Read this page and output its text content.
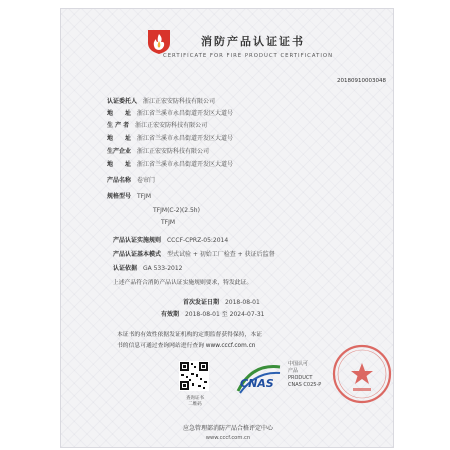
消防产品认证证书
CERTIFICATE FOR FIRE PRODUCT CERTIFICATION
20180910003048
认证委托人 浙江正宏安防科技有限公司
地　　址 浙江省兰溪市永昌街道开发区大道号
生 产 者 浙江正宏安防科技有限公司
地　　址 浙江省兰溪市永昌街道开发区大道号
生产企业 浙江正宏安防科技有限公司
地　　址 浙江省兰溪市永昌街道开发区大道号
产品名称 卷帘门
规格型号 TFJM
TFJM(C-2)(2.5h)
TFJM
产品认证实施规则 CCCF-CPRZ-05:2014
产品认证基本模式 型式试验 + 初始工厂检查 + 获证后监督
认证依据 GA 533-2012
上述产品符合消防产品认证实施规则要求，特发此证。
首次发证日期 2018-08-01
有效期 2018-08-01 至 2024-07-31
本证书的有效性依据发证机构的定期监督获得保持，本证
书的信息可通过查询网站进行查询 www.cccf.com.cn
查询证书
二维码
CNAS
中国认可
产品
PRODUCT
CNAS C025-P
应急管理部消防产品合格评定中心
www.cccf.com.cn
